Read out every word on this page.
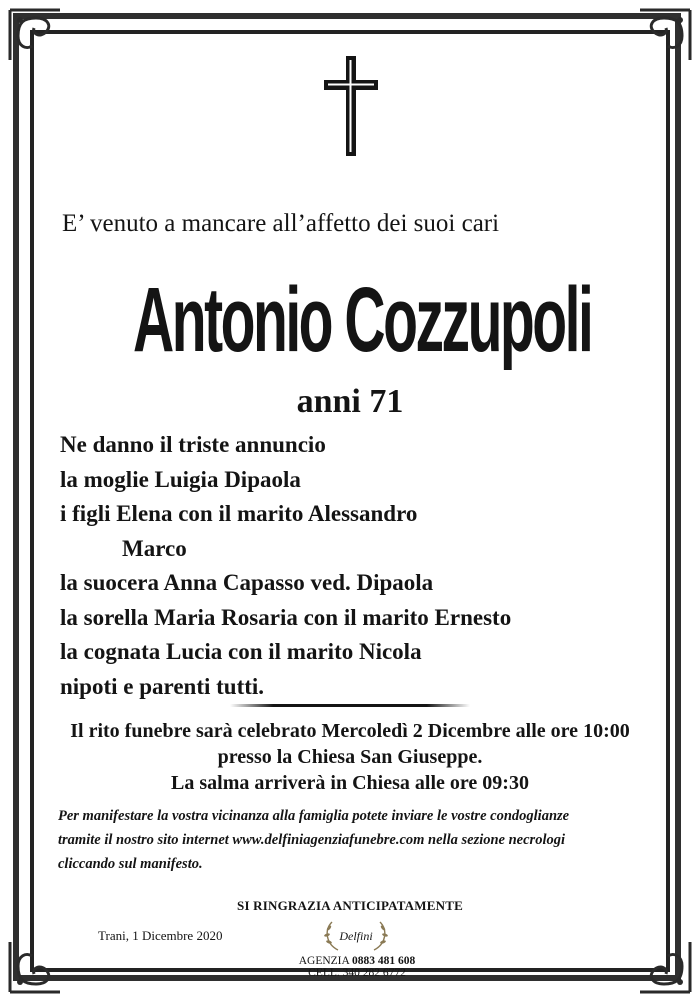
E’ venuto a mancare all’affetto dei suoi cari
Antonio Cozzupoli
anni 71
Ne danno il triste annuncio
la moglie Luigia Dipaola
i figli Elena con il marito Alessandro
Marco
la suocera Anna Capasso ved. Dipaola
la sorella Maria Rosaria con il marito Ernesto
la cognata Lucia con il marito Nicola
nipoti e parenti tutti.
Il rito funebre sarà celebrato Mercoledì 2 Dicembre alle ore 10:00
presso la Chiesa San Giuseppe.
La salma arriverà in Chiesa alle ore 09:30
Per manifestare la vostra vicinanza alla famiglia potete inviare le vostre condoglianze
tramite il nostro sito internet www.delfiniagenziafunebre.com nella sezione necrologi
cliccando sul manifesto.
SI RINGRAZIA ANTICIPATAMENTE
Trani, 1 Dicembre 2020	Delfini
AGENZIA 0883 481 608
CELL. 340 282 6772
